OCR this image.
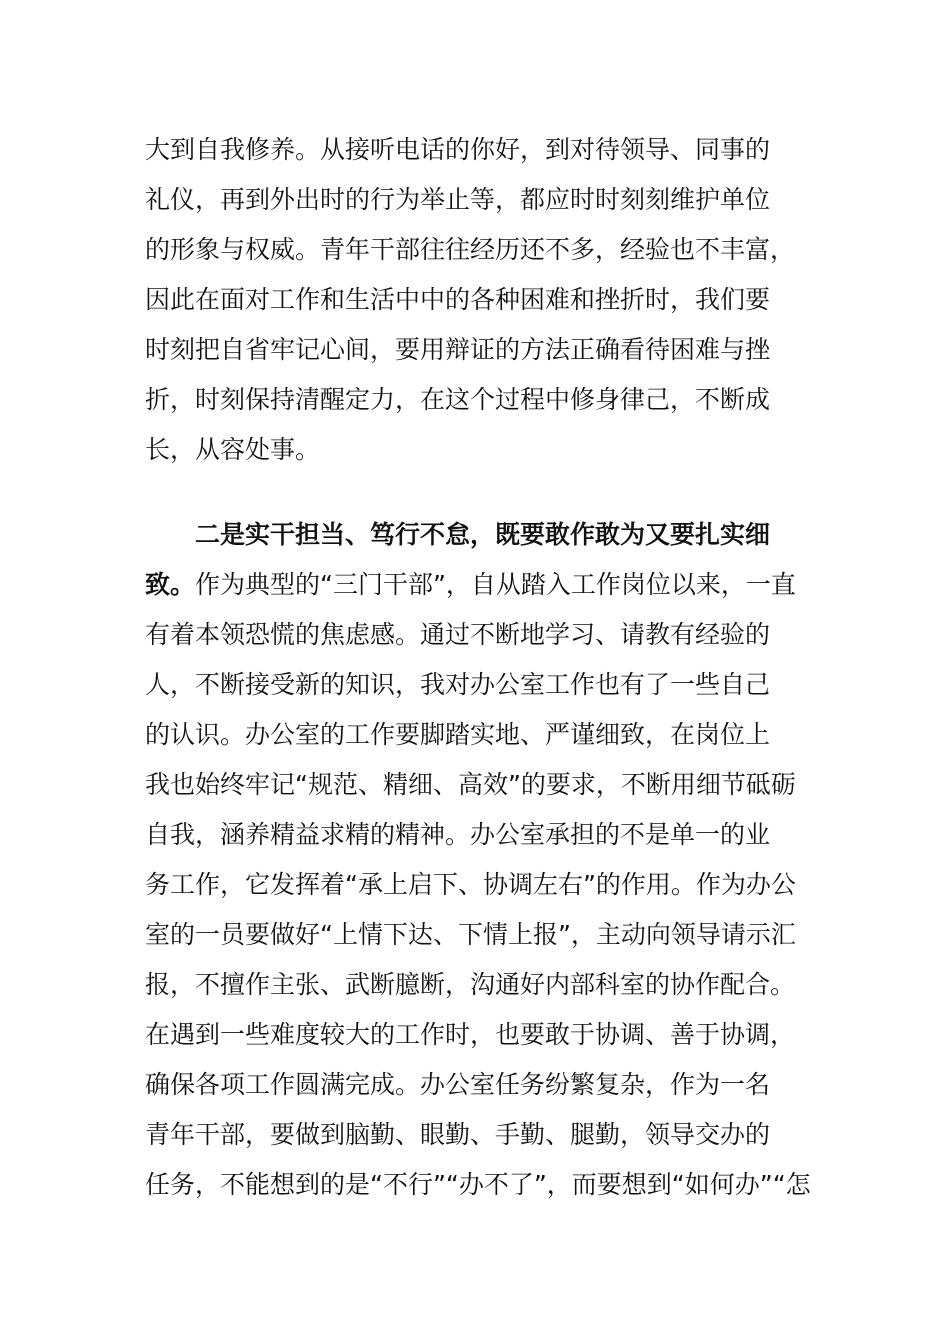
大到自我修养。从接听电话的你好，到对待领导、同事的
礼仪，再到外出时的行为举止等，都应时时刻刻维护单位
的形象与权威。青年干部往往经历还不多，经验也不丰富，
因此在面对工作和生活中中的各种困难和挫折时，我们要
时刻把自省牢记心间，要用辩证的方法正确看待困难与挫
折，时刻保持清醒定力，在这个过程中修身律己，不断成
长，从容处事。
二是实干担当、笃行不怠，既要敢作敢为又要扎实细
致。作为典型的“三门干部”，自从踏入工作岗位以来，一直
有着本领恐慌的焦虑感。通过不断地学习、请教有经验的
人，不断接受新的知识，我对办公室工作也有了一些自己
的认识。办公室的工作要脚踏实地、严谨细致，在岗位上
我也始终牢记“规范、精细、高效”的要求，不断用细节砥砺
自我，涵养精益求精的精神。办公室承担的不是单一的业
务工作，它发挥着“承上启下、协调左右”的作用。作为办公
室的一员要做好“上情下达、下情上报”，主动向领导请示汇
报，不擅作主张、武断臆断，沟通好内部科室的协作配合。
在遇到一些难度较大的工作时，也要敢于协调、善于协调，
确保各项工作圆满完成。办公室任务纷繁复杂，作为一名
青年干部，要做到脑勤、眼勤、手勤、腿勤，领导交办的
任务，不能想到的是“不行”“办不了”，而要想到“如何办”“怎
